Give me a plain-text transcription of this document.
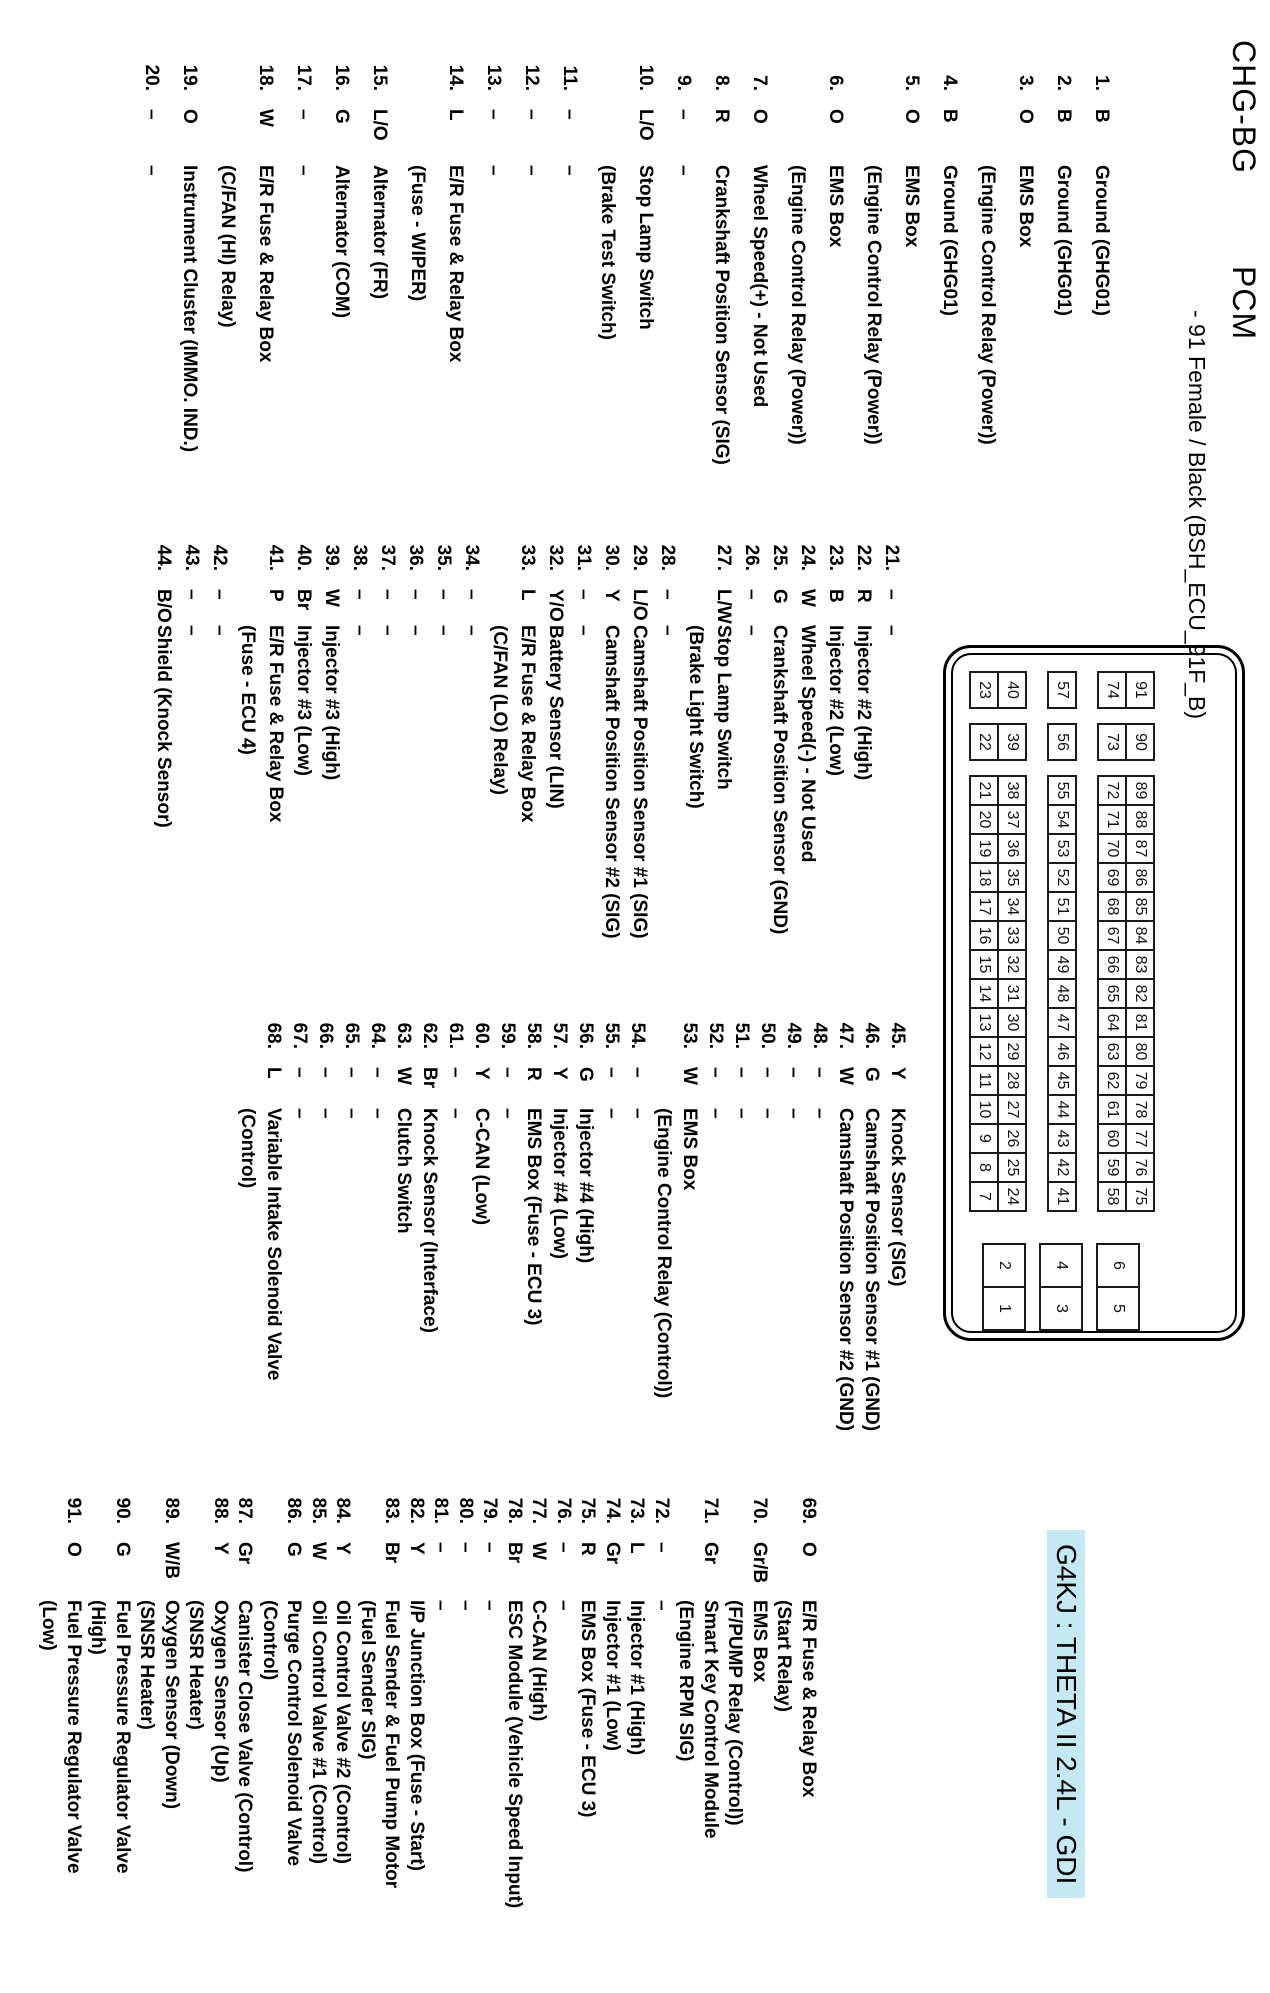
CHG-BGPCM
- 91 Female / Black (BSH_ECU_91F_B)
91
90
89
88
87
86
85
84
83
82
81
80
79
78
77
76
75
74
73
72
71
70
69
68
67
66
65
64
63
62
61
60
59
58
57
56
55
54
53
52
51
50
49
48
47
46
45
44
43
42
41
40
39
38
37
36
35
34
33
32
31
30
29
28
27
26
25
24
23
22
21
20
19
18
17
16
15
14
13
12
11
10
9
8
7
6
5
4
3
2
1
1.B
Ground (GHG01)
2.B
Ground (GHG01)
3.O
EMS Box
(Engine Control Relay (Power))
4.B
Ground (GHG01)
5.O
EMS Box
(Engine Control Relay (Power))
6.O
EMS Box
(Engine Control Relay (Power))
7.O
Wheel Speed(+) - Not Used
8.R
Crankshaft Position Sensor (SIG)
9.–
–
10.L/O
Stop Lamp Switch
(Brake Test Switch)
11.–
–
12.–
–
13.–
–
14.L
E/R Fuse & Relay Box
(Fuse - WIPER)
15.L/O
Alternator (FR)
16.G
Alternator (COM)
17.–
–
18.W
E/R Fuse & Relay Box
(C/FAN (HI) Relay)
19.O
Instrument Cluster (IMMO. IND.)
20.–
–
21.–
–
22.R
Injector #2 (High)
23.B
Injector #2 (Low)
24.W
Wheel Speed(-) - Not Used
25.G
Crankshaft Position Sensor (GND)
26.–
–
27.L/W
Stop Lamp Switch
(Brake Light Switch)
28.–
–
29.L/O
Camshaft Position Sensor #1 (SIG)
30.Y
Camshaft Position Sensor #2 (SIG)
31.–
–
32.Y/O
Battery Sensor (LIN)
33.L
E/R Fuse & Relay Box
(C/FAN (LO) Relay)
34.–
–
35.–
–
36.–
–
37.–
–
38.–
–
39.W
Injector #3 (High)
40.Br
Injector #3 (Low)
41.P
E/R Fuse & Relay Box
(Fuse - ECU 4)
42.–
–
43.–
–
44.B/O
Shield (Knock Sensor)
45.Y
Knock Sensor (SIG)
46.G
Camshaft Position Sensor #1 (GND)
47.W
Camshaft Position Sensor #2 (GND)
48.–
–
49.–
–
50.–
–
51.–
–
52.–
–
53.W
EMS Box
(Engine Control Relay (Control))
54.–
–
55.–
–
56.G
Injector #4 (High)
57.Y
Injector #4 (Low)
58.R
EMS Box (Fuse - ECU 3)
59.–
–
60.Y
C-CAN (Low)
61.–
–
62.Br
Knock Sensor (Interface)
63.W
Clutch Switch
64.–
–
65.–
–
66.–
–
67.–
–
68.L
Variable Intake Solenoid Valve
(Control)
69.O
E/R Fuse & Relay Box
(Start Relay)
70.Gr/B
EMS Box
(F/PUMP Relay (Control))
71.Gr
Smart Key Control Module
(Engine RPM SIG)
72.–
–
73.L
Injector #1 (High)
74.Gr
Injector #1 (Low)
75.R
EMS Box (Fuse - ECU 3)
76.–
–
77.W
C-CAN (High)
78.Br
ESC Module (Vehicle Speed Input)
79.–
–
80.–
–
81.–
–
82.Y
I/P Junction Box (Fuse - Start)
83.Br
Fuel Sender & Fuel Pump Motor
(Fuel Sender SIG)
84.Y
Oil Control Valve #2 (Control)
85.W
Oil Control Valve #1 (Control)
86.G
Purge Control Solenoid Valve
(Control)
87.Gr
Canister Close Valve (Control)
88.Y
Oxygen Sensor (Up)
(SNSR Heater)
89.W/B
Oxygen Sensor (Down)
(SNSR Heater)
90.G
Fuel Pressure Regulator Valve
(High)
91.O
Fuel Pressure Regulator Valve
(Low)	G4KJ : THETA II 2.4L - GDI
